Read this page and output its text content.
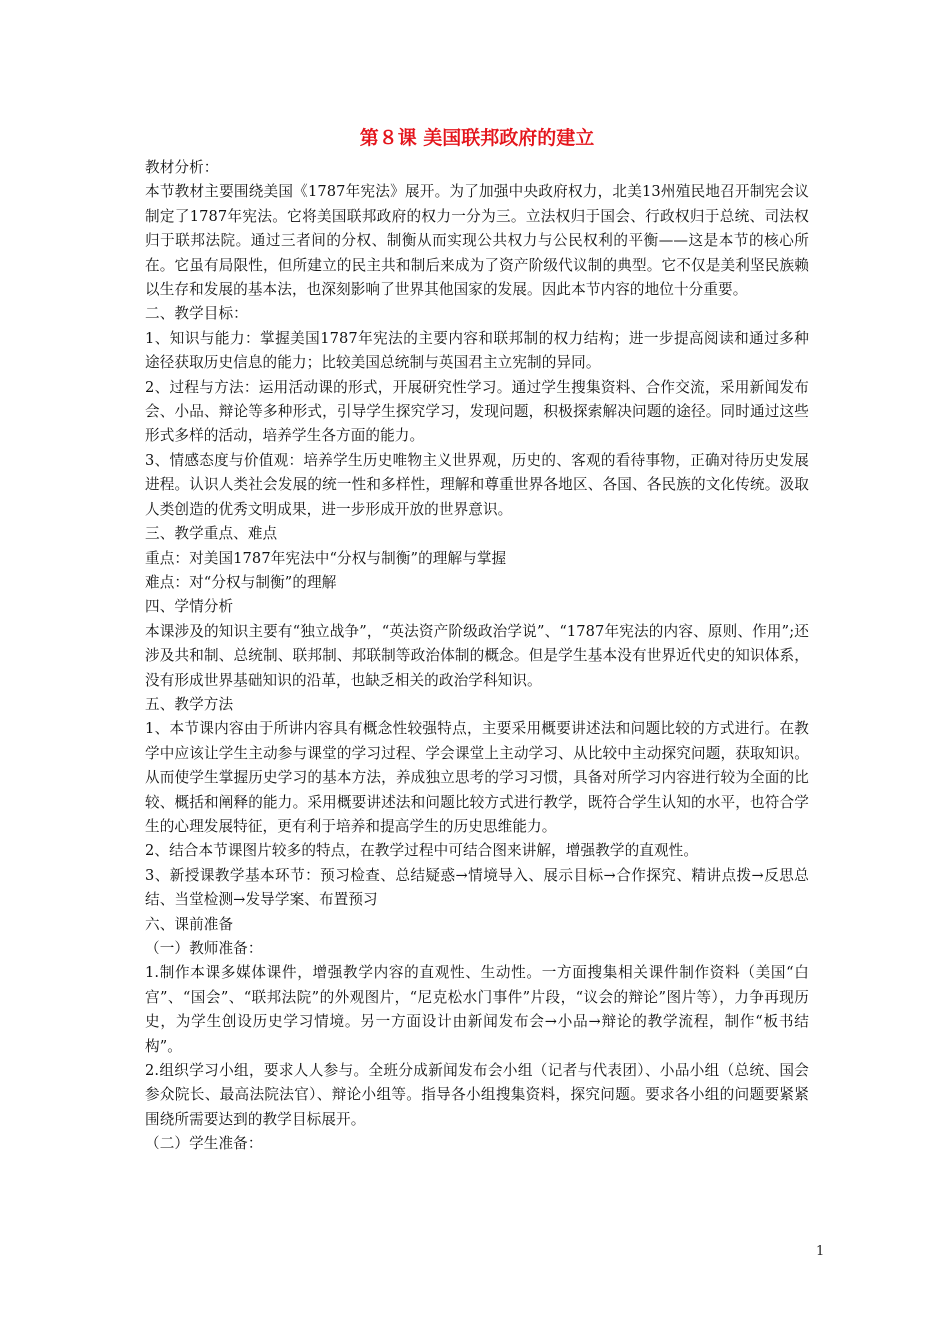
第８课 美国联邦政府的建立

教材分析：

本节教材主要围绕美国《1787年宪法》展开。为了加强中央政府权力，北美13州殖民地召开制宪会议制定了1787年宪法。它将美国联邦政府的权力一分为三。立法权归于国会、行政权归于总统、司法权归于联邦法院。通过三者间的分权、制衡从而实现公共权力与公民权利的平衡——这是本节的核心所在。它虽有局限性，但所建立的民主共和制后来成为了资产阶级代议制的典型。它不仅是美利坚民族赖以生存和发展的基本法，也深刻影响了世界其他国家的发展。因此本节内容的地位十分重要。

二、教学目标：

1、知识与能力：掌握美国1787年宪法的主要内容和联邦制的权力结构；进一步提高阅读和通过多种途径获取历史信息的能力；比较美国总统制与英国君主立宪制的异同。

2、过程与方法：运用活动课的形式，开展研究性学习。通过学生搜集资料、合作交流，采用新闻发布会、小品、辩论等多种形式，引导学生探究学习，发现问题，积极探索解决问题的途径。同时通过这些形式多样的活动，培养学生各方面的能力。

3、情感态度与价值观：培养学生历史唯物主义世界观，历史的、客观的看待事物，正确对待历史发展进程。认识人类社会发展的统一性和多样性，理解和尊重世界各地区、各国、各民族的文化传统。汲取人类创造的优秀文明成果，进一步形成开放的世界意识。

三、教学重点、难点

重点：对美国1787年宪法中“分权与制衡”的理解与掌握

难点：对“分权与制衡”的理解

四、学情分析

本课涉及的知识主要有“独立战争”，“英法资产阶级政治学说”、“1787年宪法的内容、原则、作用”;还涉及共和制、总统制、联邦制、邦联制等政治体制的概念。但是学生基本没有世界近代史的知识体系，没有形成世界基础知识的沿革，也缺乏相关的政治学科知识。

五、教学方法

1、本节课内容由于所讲内容具有概念性较强特点，主要采用概要讲述法和问题比较的方式进行。在教学中应该让学生主动参与课堂的学习过程、学会课堂上主动学习、从比较中主动探究问题，获取知识。从而使学生掌握历史学习的基本方法，养成独立思考的学习习惯，具备对所学习内容进行较为全面的比较、概括和阐释的能力。采用概要讲述法和问题比较方式进行教学，既符合学生认知的水平，也符合学生的心理发展特征，更有利于培养和提高学生的历史思维能力。

2、结合本节课图片较多的特点，在教学过程中可结合图来讲解，增强教学的直观性。

3、新授课教学基本环节：预习检查、总结疑惑→情境导入、展示目标→合作探究、精讲点拨→反思总结、当堂检测→发导学案、布置预习

六、课前准备

（一）教师准备：

1.制作本课多媒体课件，增强教学内容的直观性、生动性。一方面搜集相关课件制作资料（美国“白宫”、“国会”、“联邦法院”的外观图片，“尼克松水门事件”片段，“议会的辩论”图片等），力争再现历史，为学生创设历史学习情境。另一方面设计由新闻发布会→小品→辩论的教学流程，制作“板书结构”。

2.组织学习小组，要求人人参与。全班分成新闻发布会小组（记者与代表团）、小品小组（总统、国会参众院长、最高法院法官）、辩论小组等。指导各小组搜集资料，探究问题。要求各小组的问题要紧紧围绕所需要达到的教学目标展开。

（二）学生准备：

1
